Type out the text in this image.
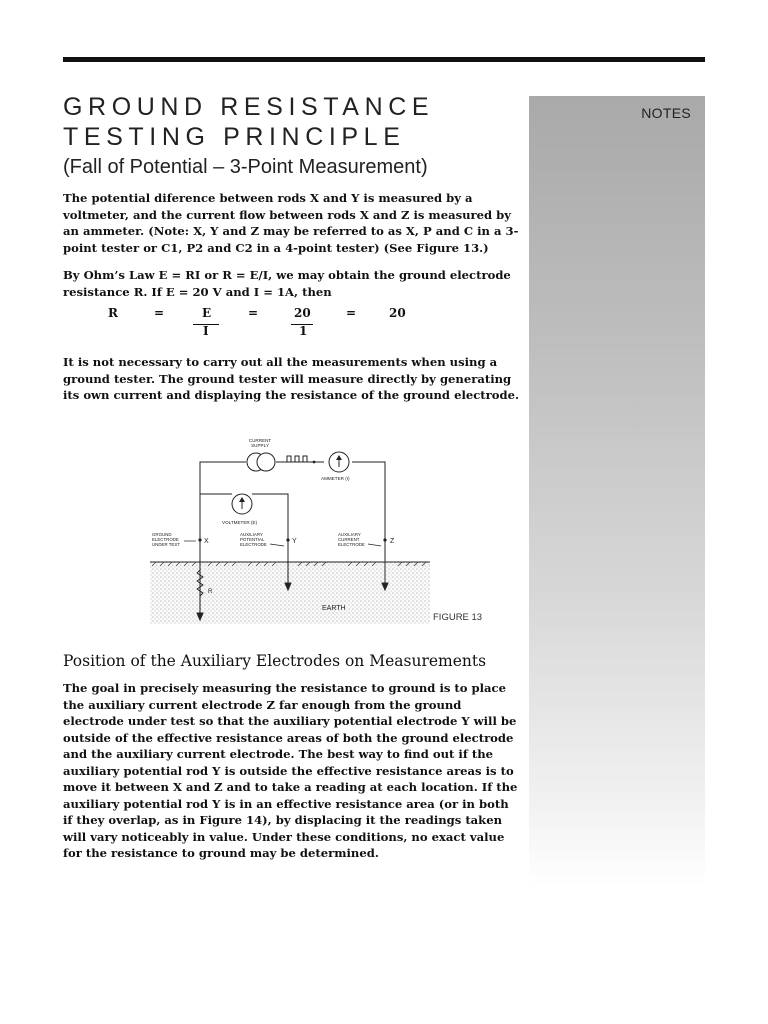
NOTES
GROUND RESISTANCE
TESTING PRINCIPLE
(Fall of Potential – 3-Point Measurement)

The potential diference between rods X and Y is measured by a voltmeter, and the current flow between rods X and Z is measured by an ammeter. (Note: X, Y and Z may be referred to as X, P and C in a 3-point tester or C1, P2 and C2 in a 4-point tester) (See Figure 13.)

By Ohm’s Law E = RI or R = E/I, we may obtain the ground electrode resistance R. If E = 20 V and I = 1A, then

R	=	E
I
=	20
1
=	20

It is not necessary to carry out all the measurements when using a ground tester. The ground tester will measure directly by generating its own current and displaying the resistance of the ground electrode.

CURRENT
SUPPLY
AMMETER (I)
VOLTMETER (E)
GROUND
ELECTRODE
UNDER TEST	X
AUXILIARY
POTENTIAL
ELECTRODE	Y
AUXILIARY
CURRENT
ELECTRODE	Z
R
EARTH
FIGURE 13
Position of the Auxiliary Electrodes on Measurements

The goal in precisely measuring the resistance to ground is to place the auxiliary current electrode Z far enough from the ground electrode under test so that the auxiliary potential electrode Y will be outside of the effective resistance areas of both the ground electrode and the auxiliary current electrode. The best way to find out if the auxiliary potential rod Y is outside the effective resistance areas is to move it between X and Z and to take a reading at each location. If the auxiliary potential rod Y is in an effective resistance area (or in both if they overlap, as in Figure 14), by displacing it the readings taken will vary noticeably in value. Under these conditions, no exact value for the resistance to ground may be determined.
